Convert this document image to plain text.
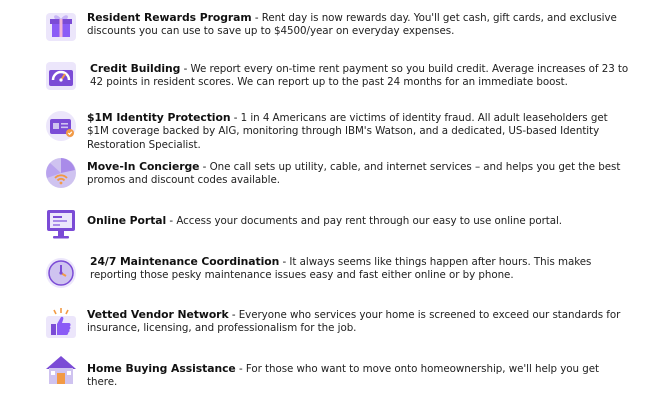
Resident Rewards Program - Rent day is now rewards day. You'll get cash, gift cards, and exclusive discounts you can use to save up to $4500/year on everyday expenses.
Credit Building - We report every on-time rent payment so you build credit. Average increases of 23 to 42 points in resident scores. We can report up to the past 24 months for an immediate boost.
$1M Identity Protection - 1 in 4 Americans are victims of identity fraud. All adult leaseholders get $1M coverage backed by AIG, monitoring through IBM's Watson, and a dedicated, US-based Identity Restoration Specialist.
Move-In Concierge - One call sets up utility, cable, and internet services – and helps you get the best promos and discount codes available.
Online Portal - Access your documents and pay rent through our easy to use online portal.
24/7 Maintenance Coordination - It always seems like things happen after hours. This makes reporting those pesky maintenance issues easy and fast either online or by phone.
Vetted Vendor Network - Everyone who services your home is screened to exceed our standards for insurance, licensing, and professionalism for the job.
Home Buying Assistance - For those who want to move onto homeownership, we'll help you get there.
